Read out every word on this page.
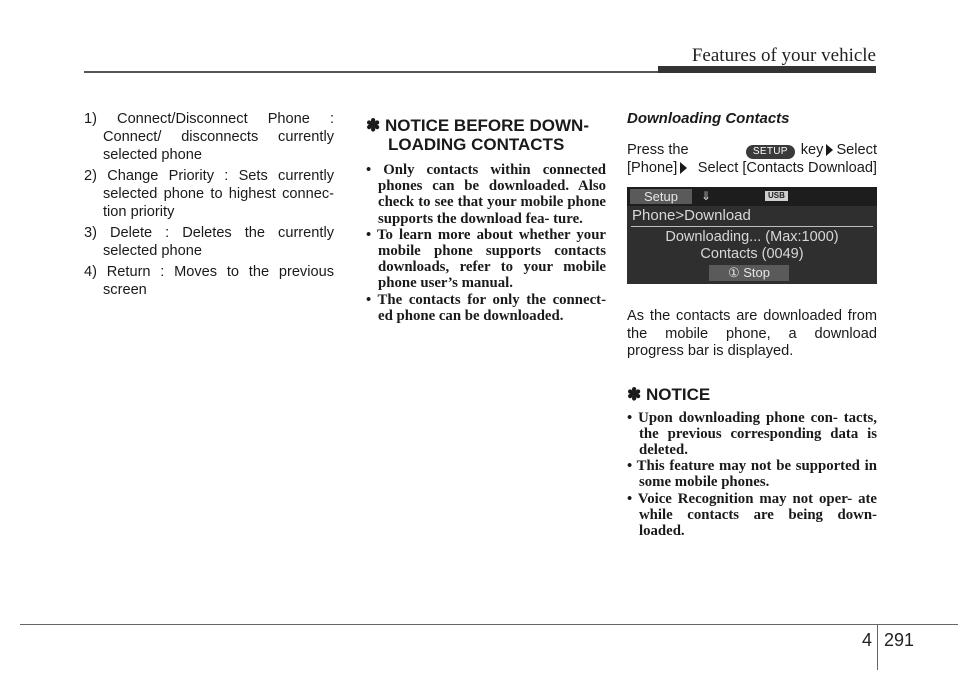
Features of your vehicle
1) Connect/Disconnect Phone : Connect/ disconnects currently selected phone
2) Change Priority : Sets currently selected phone to highest connec- tion priority
3) Delete : Deletes the currently selected phone
4) Return : Moves to the previous screen
✽ NOTICE BEFORE DOWN- LOADING CONTACTS
• Only contacts within connected phones can be downloaded. Also check to see that your mobile phone supports the download fea- ture.
• To learn more about whether your mobile phone supports contacts downloads, refer to your mobile phone user’s manual.
• The contacts for only the connect- ed phone can be downloaded.
Downloading Contacts
Press the	SETUP key Select
[Phone]	Select [Contacts Download]
Setup	⇓	USB
Phone>Download
Downloading... (Max:1000)
Contacts (0049)
① Stop
As the contacts are downloaded from the mobile phone, a download progress bar is displayed.
✽ NOTICE
• Upon downloading phone con- tacts, the previous corresponding data is deleted.
• This feature may not be supported in some mobile phones.
• Voice Recognition may not oper- ate while contacts are being down- loaded.
4 291
